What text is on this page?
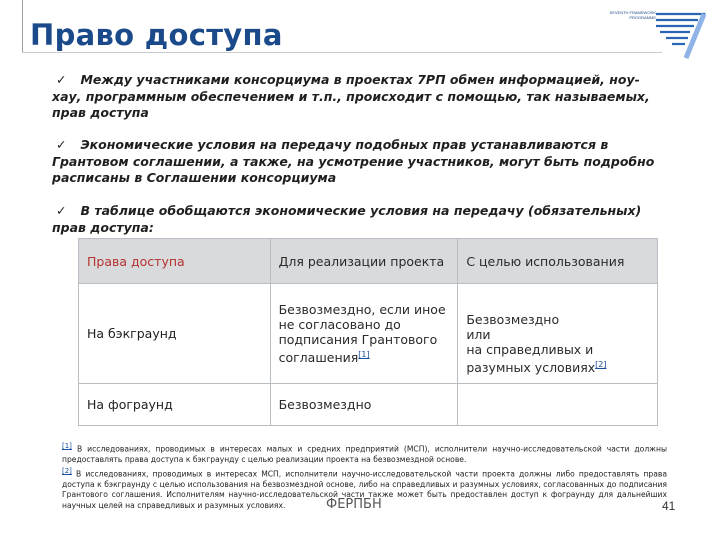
Право доступа
SEVENTH FRAMEWORK PROGRAMME
✓ Между участниками консорциума в проектах 7РП обмен информацией, ноу-хау, программным обеспечением и т.п., происходит с помощью, так называемых, прав доступа
✓ Экономические условия на передачу подобных прав устанавливаются в Грантовом соглашении, а также, на усмотрение участников, могут быть подробно расписаны в Соглашении консорциума
✓ В таблице обобщаются экономические условия на передачу (обязательных) прав доступа:
Права доступа	Для реализации проекта	С целью использования
На бэкграунд	Безвозмездно, если иное не согласовано до подписания Грантового соглашения[1]	Безвозмездно
или
на справедливых и разумных условиях[2]

На фограунд	Безвозмездно	
[1] В исследованиях, проводимых в интересах малых и средних предприятий (МСП), исполнители научно-исследовательской части должны предоставлять права доступа к бэкграунду с целью реализации проекта на безвозмездной основе.
[2] В исследованиях, проводимых в интересах МСП, исполнители научно-исследовательской части проекта должны либо предоставлять права доступа к бэкграунду с целью использования на безвозмездной основе, либо на справедливых и разумных условиях, согласованных до подписания Грантового соглашения. Исполнителям научно-исследовательской части также может быть предоставлен доступ к фограунду для дальнейших научных целей на справедливых и разумных условиях.	ФЕРПБН	41
